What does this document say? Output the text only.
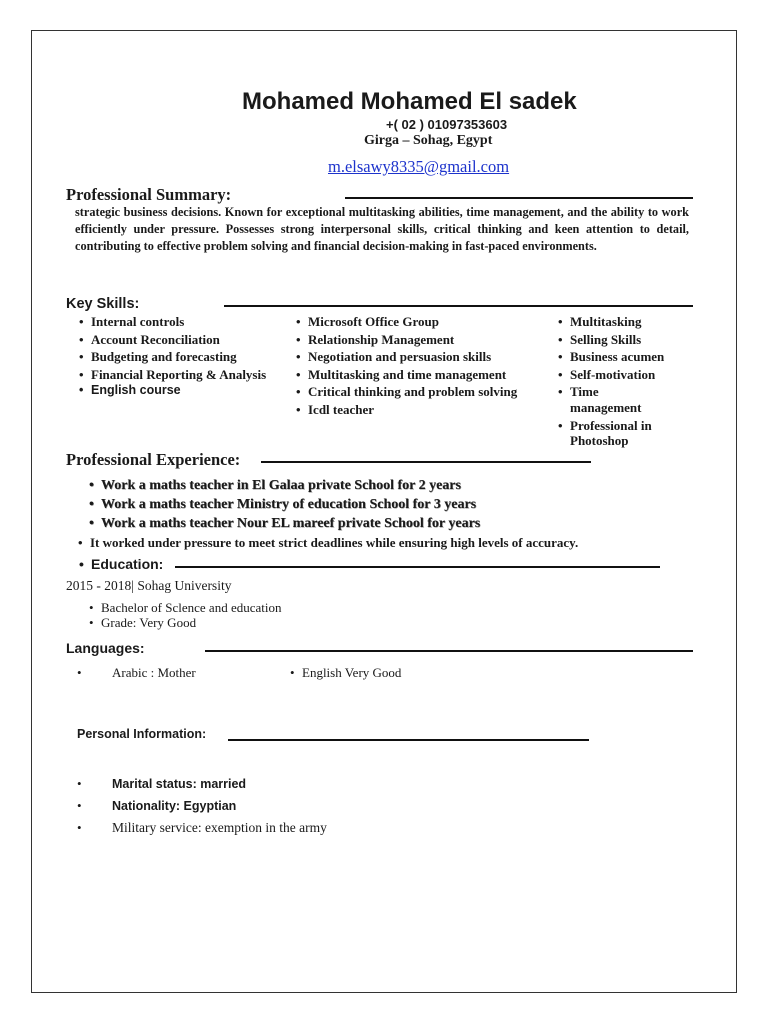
Mohamed Mohamed El sadek
+( 02 ) 01097353603
Girga – Sohag, Egypt
m.elsawy8335@gmail.com
Professional Summary:
strategic business decisions. Known for exceptional multitasking abilities, time management, and the ability to work efficiently under pressure. Possesses strong interpersonal skills, critical thinking and keen attention to detail, contributing to effective problem solving and financial decision-making in fast-paced environments.
Key Skills:
• Internal controls
• Account Reconciliation
• Budgeting and forecasting
• Financial Reporting & Analysis
• English course
• Microsoft Office Group
• Relationship Management
• Negotiation and persuasion skills
• Multitasking and time management
• Critical thinking and problem solving
• Icdl teacher
• Multitasking
• Selling Skills
• Business acumen
• Self-motivation
• Time
management
• Professional in
Photoshop
Professional Experience:
• Work a maths teacher in El Galaa private School for 2 years
• Work a maths teacher Ministry of education School for 3 years
• Work a maths teacher Nour EL mareef private School for years
• It worked under pressure to meet strict deadlines while ensuring high levels of accuracy.
• Education:
2015 - 2018| Sohag University
• Bachelor of Sclence and education
• Grade: Very Good
Languages:
• Arabic : Mother
•	English Very Good
Personal Information:
• Marital status: married
• Nationality: Egyptian
• Military service: exemption in the army
